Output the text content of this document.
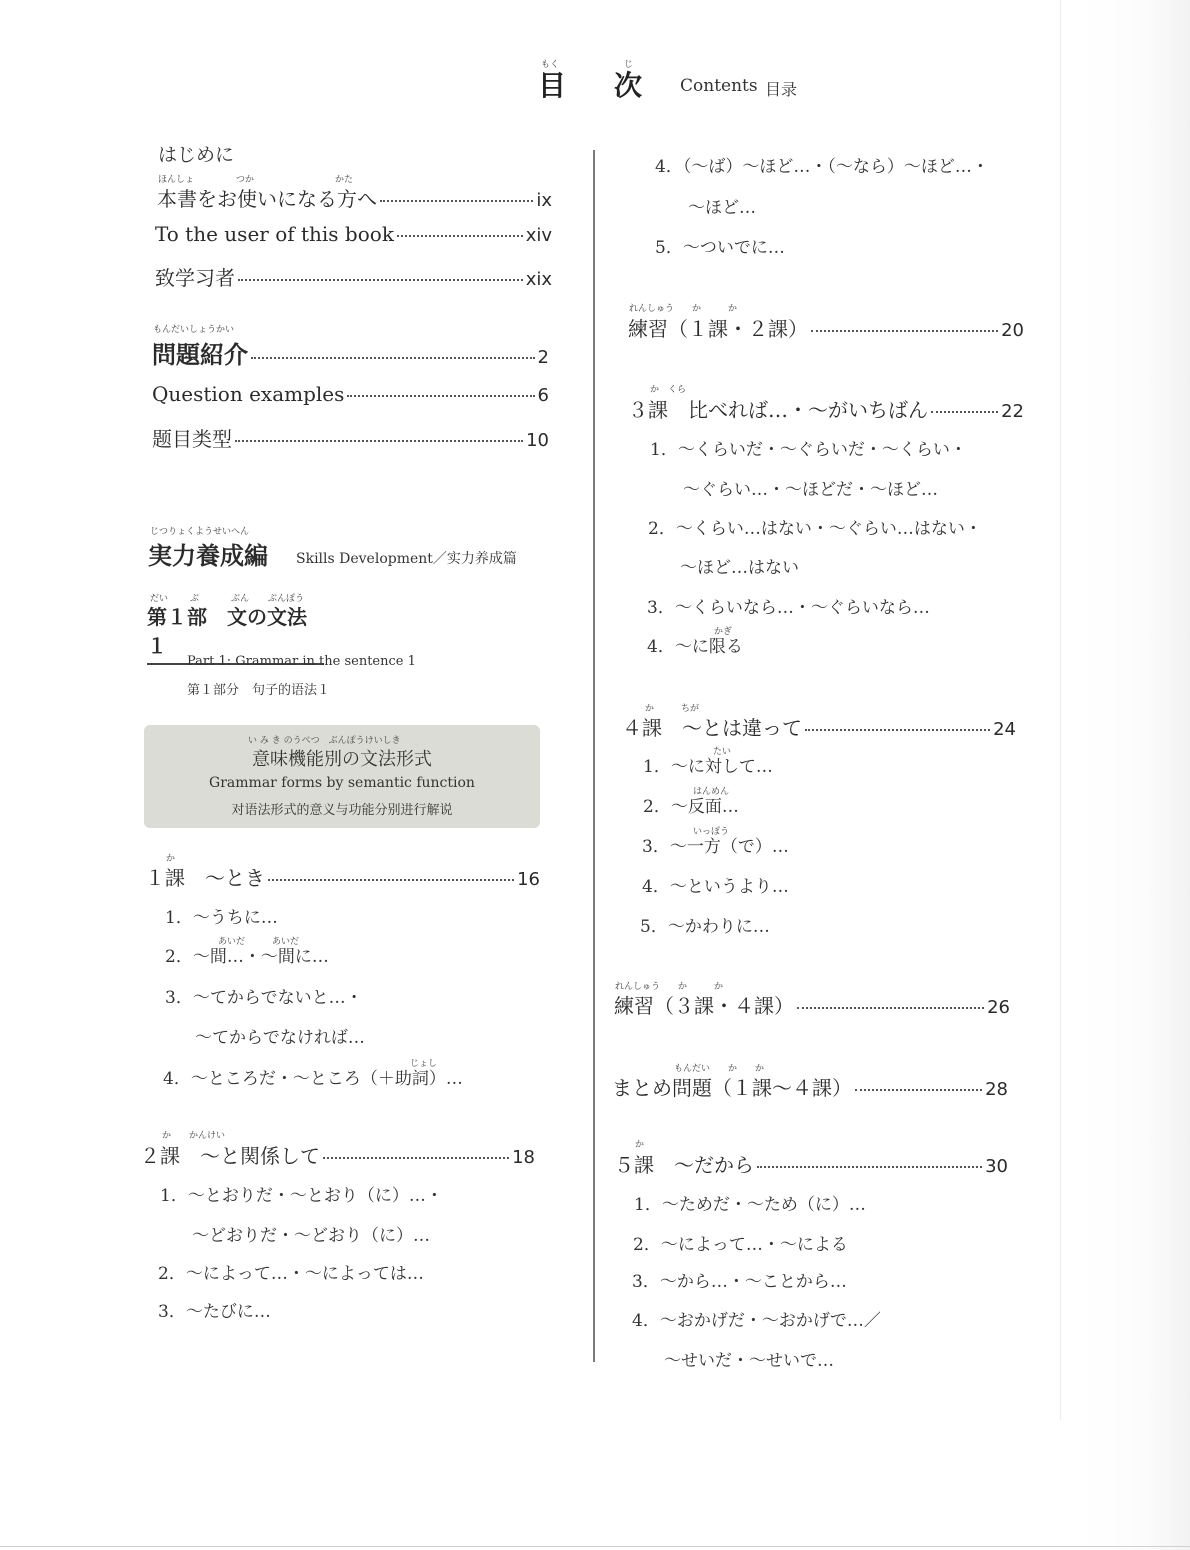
もく	じ
目 次 Contents 目录
はじめに
ほんしょ	つか	かた
本書をお使いになる方へ	ix
To the user of this book	xiv
致学习者	xix
もんだいしょうかい
問題紹介	2
Question examples	6
题目类型	10
じつりょくようせいへん
実力養成編 Skills Development／实力养成篇
だい ぶ	ぶん ぶんぽう
第１部　文の文法１
Part 1: Grammar in the sentence 1
第１部分　句子的语法１
い み き のうべつ　ぶんぽうけいしき
意味機能別の文法形式
Grammar forms by semantic function
对语法形式的意义与功能分别进行解说
か
１課　〜とき	16
1．〜うちに…
あいだ　　　あいだ
2．〜間…・〜間に…
3．〜てからでないと…・
〜てからでなければ…
じょし
4．〜ところだ・〜ところ（＋助詞）…
か　　かんけい
２課　〜と関係して	18
1．〜とおりだ・〜とおり（に）…・
〜どおりだ・〜どおり（に）…
2．〜によって…・〜によっては…
3．〜たびに…
4．（〜ば）〜ほど…・（〜なら）〜ほど…・
〜ほど…
5．〜ついでに…
れんしゅう　　か　　　か
練習（１課・２課）	20
か　くら
３課　比べれば…・〜がいちばん	22
1．〜くらいだ・〜ぐらいだ・〜くらい・
〜ぐらい…・〜ほどだ・〜ほど…
2．〜くらい…はない・〜ぐらい…はない・
〜ほど…はない
3．〜くらいなら…・〜ぐらいなら…
かぎ
4．〜に限る
か　　　ちが
４課　〜とは違って	24
たい
1．〜に対して…
はんめん
2．〜反面…
いっぽう
3．〜一方（で）…
4．〜というより…
5．〜かわりに…
れんしゅう　　か　　　か
練習（３課・４課）	26
もんだい　　か　　か
まとめ問題（１課〜４課）	28
か
５課　〜だから	30
1．〜ためだ・〜ため（に）…
2．〜によって…・〜による
3．〜から…・〜ことから…
4．〜おかげだ・〜おかげで…／
〜せいだ・〜せいで…
